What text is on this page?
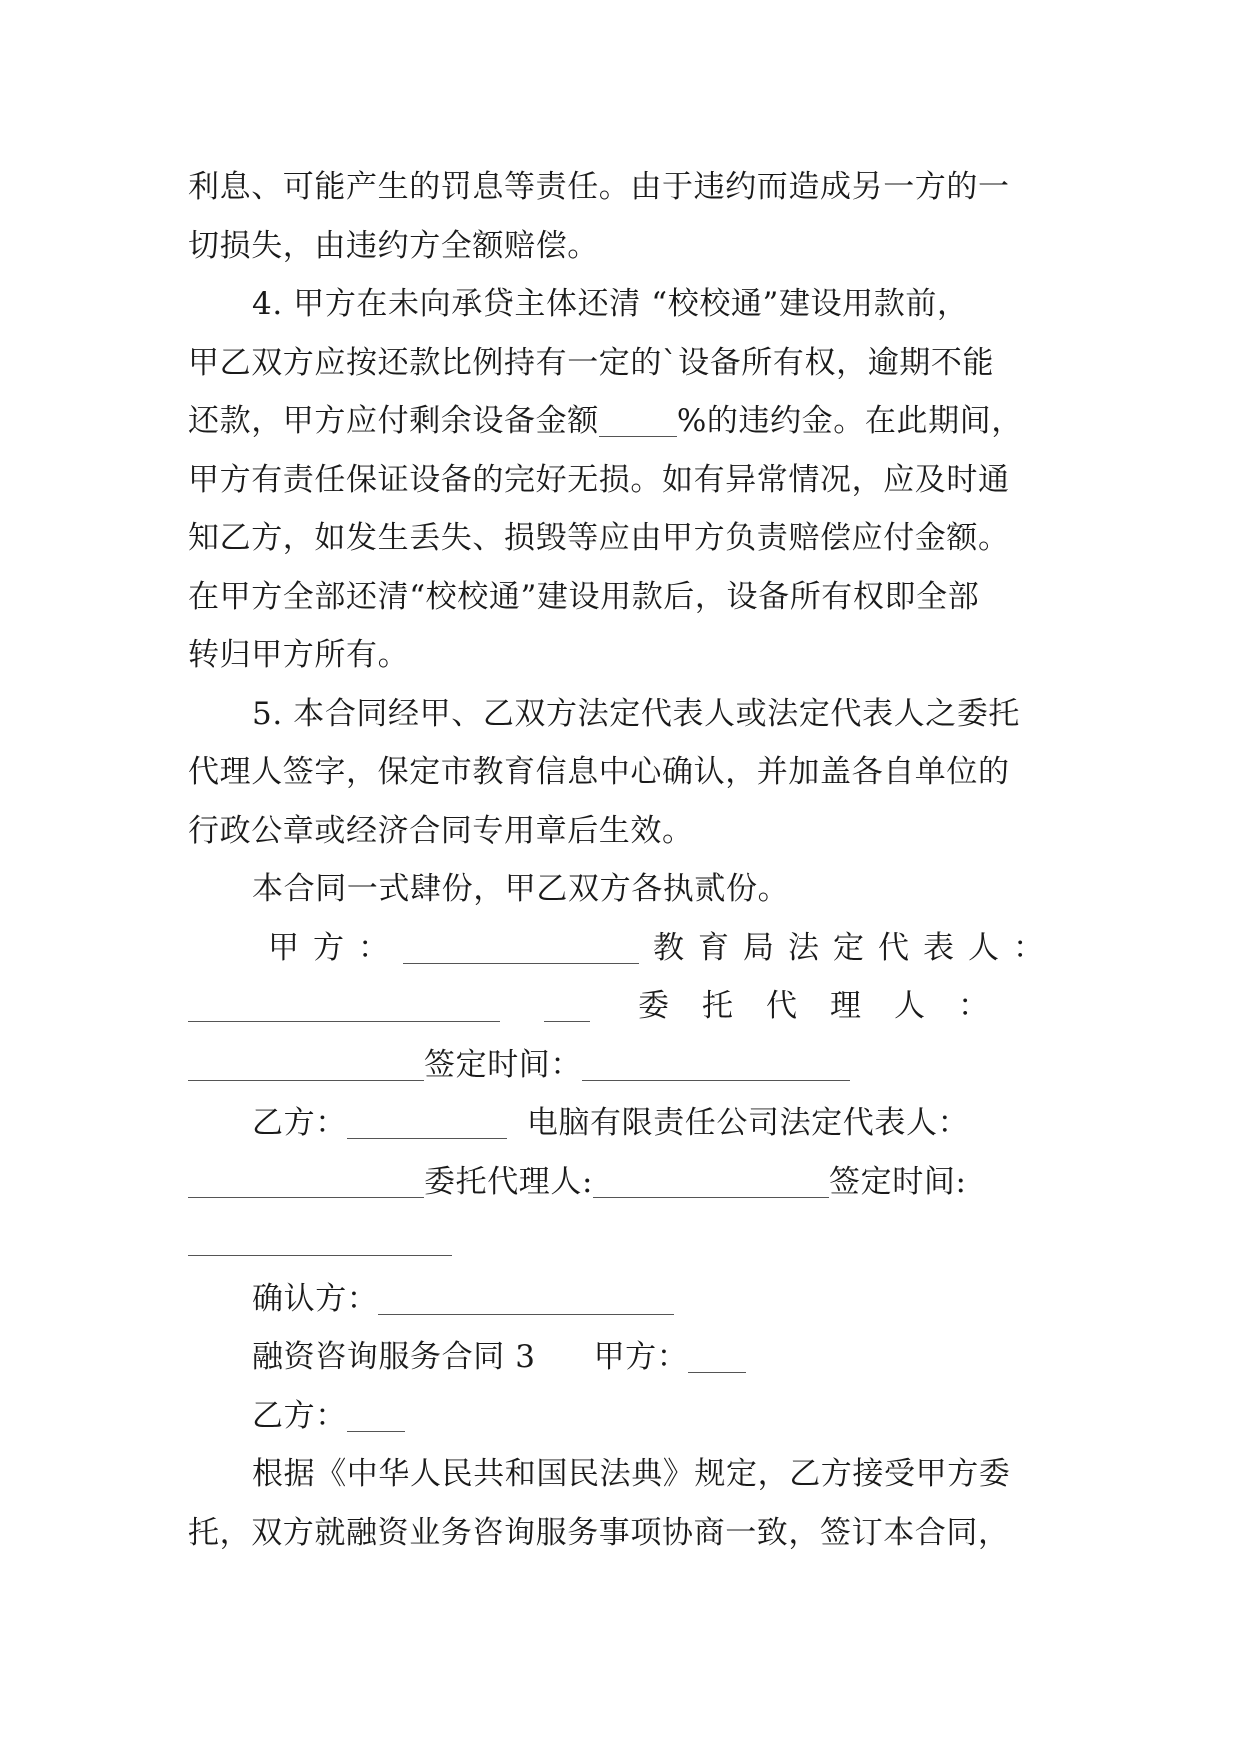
利息、可能产生的罚息等责任。由于违约而造成另一方的一
切损失，由违约方全额赔偿。
4. 甲方在未向承贷主体还清 “校校通”建设用款前，
甲乙双方应按还款比例持有一定的`设备所有权，逾期不能
还款，甲方应付剩余设备金额	%的违约金。在此期间，
甲方有责任保证设备的完好无损。如有异常情况，应及时通
知乙方，如发生丢失、损毁等应由甲方负责赔偿应付金额。
在甲方全部还清“校校通”建设用款后，设备所有权即全部
转归甲方所有。
5. 本合同经甲、乙双方法定代表人或法定代表人之委托
代理人签字，保定市教育信息中心确认，并加盖各自单位的
行政公章或经济合同专用章后生效。
本合同一式肆份，甲乙双方各执贰份。
甲方：	教育局法定代表人：
委托代理人：
签定时间：
乙方：	电脑有限责任公司法定代表人：
委托代理人:	签定时间:
确认方：
融资咨询服务合同 3 甲方：
乙方：
根据《中华人民共和国民法典》规定，乙方接受甲方委
托，双方就融资业务咨询服务事项协商一致，签订本合同，
